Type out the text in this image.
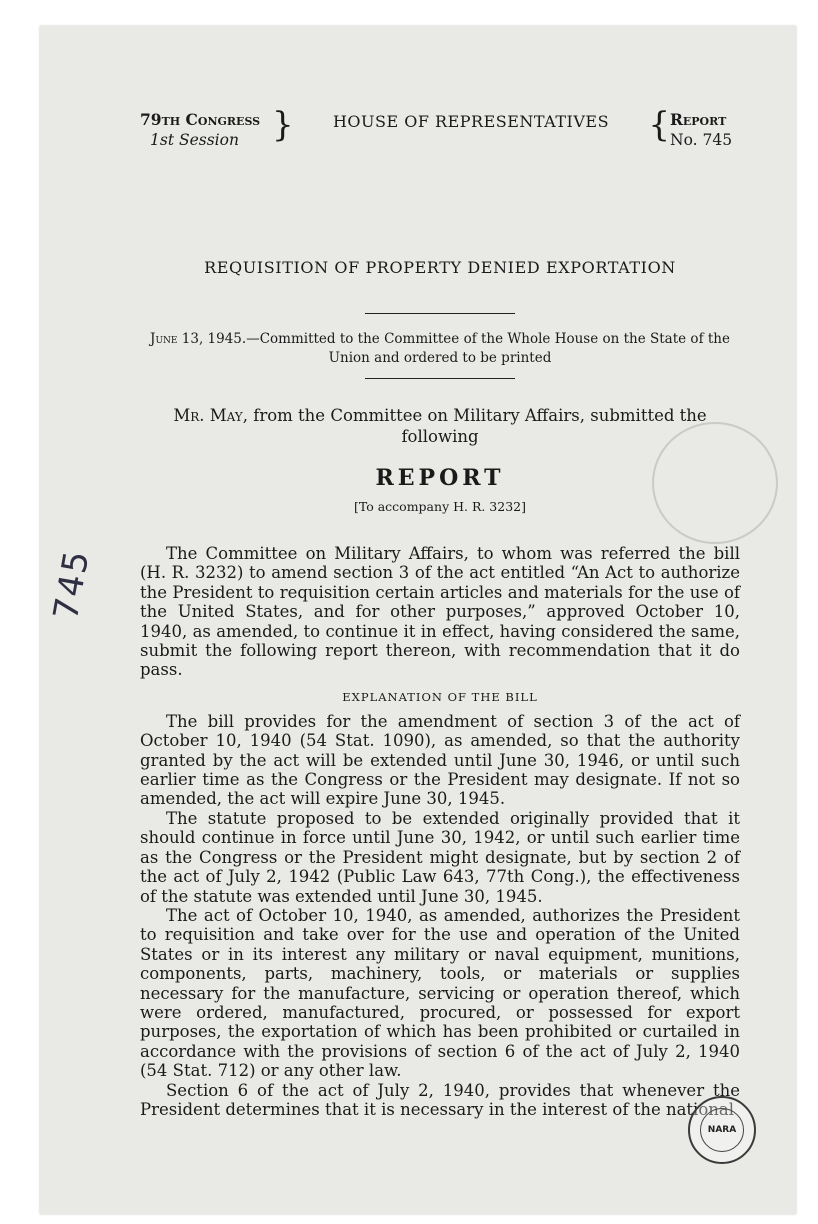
745
79th Congress
1st Session }	HOUSE OF REPRESENTATIVES	{ Report
No. 745
REQUISITION OF PROPERTY DENIED EXPORTATION
June 13, 1945.—Committed to the Committee of the Whole House on the State of the Union and ordered to be printed
Mr. May, from the Committee on Military Affairs, submitted the following
REPORT
[To accompany H. R. 3232]

The Committee on Military Affairs, to whom was referred the bill (H. R. 3232) to amend section 3 of the act entitled “An Act to authorize the President to requisition certain articles and materials for the use of the United States, and for other purposes,” approved October 10, 1940, as amended, to continue it in effect, having considered the same, submit the following report thereon, with recommendation that it do pass.

EXPLANATION OF THE BILL

The bill provides for the amendment of section 3 of the act of October 10, 1940 (54 Stat. 1090), as amended, so that the authority granted by the act will be extended until June 30, 1946, or until such earlier time as the Congress or the President may designate. If not so amended, the act will expire June 30, 1945.

The statute proposed to be extended originally provided that it should continue in force until June 30, 1942, or until such earlier time as the Congress or the President might designate, but by section 2 of the act of July 2, 1942 (Public Law 643, 77th Cong.), the effectiveness of the statute was extended until June 30, 1945.

The act of October 10, 1940, as amended, authorizes the President to requisition and take over for the use and operation of the United States or in its interest any military or naval equipment, munitions, components, parts, machinery, tools, or materials or supplies necessary for the manufacture, servicing or operation thereof, which were ordered, manufactured, procured, or possessed for export purposes, the exportation of which has been prohibited or curtailed in accordance with the provisions of section 6 of the act of July 2, 1940 (54 Stat. 712) or any other law.

Section 6 of the act of July 2, 1940, provides that whenever the President determines that it is necessary in the interest of the national

NARA
